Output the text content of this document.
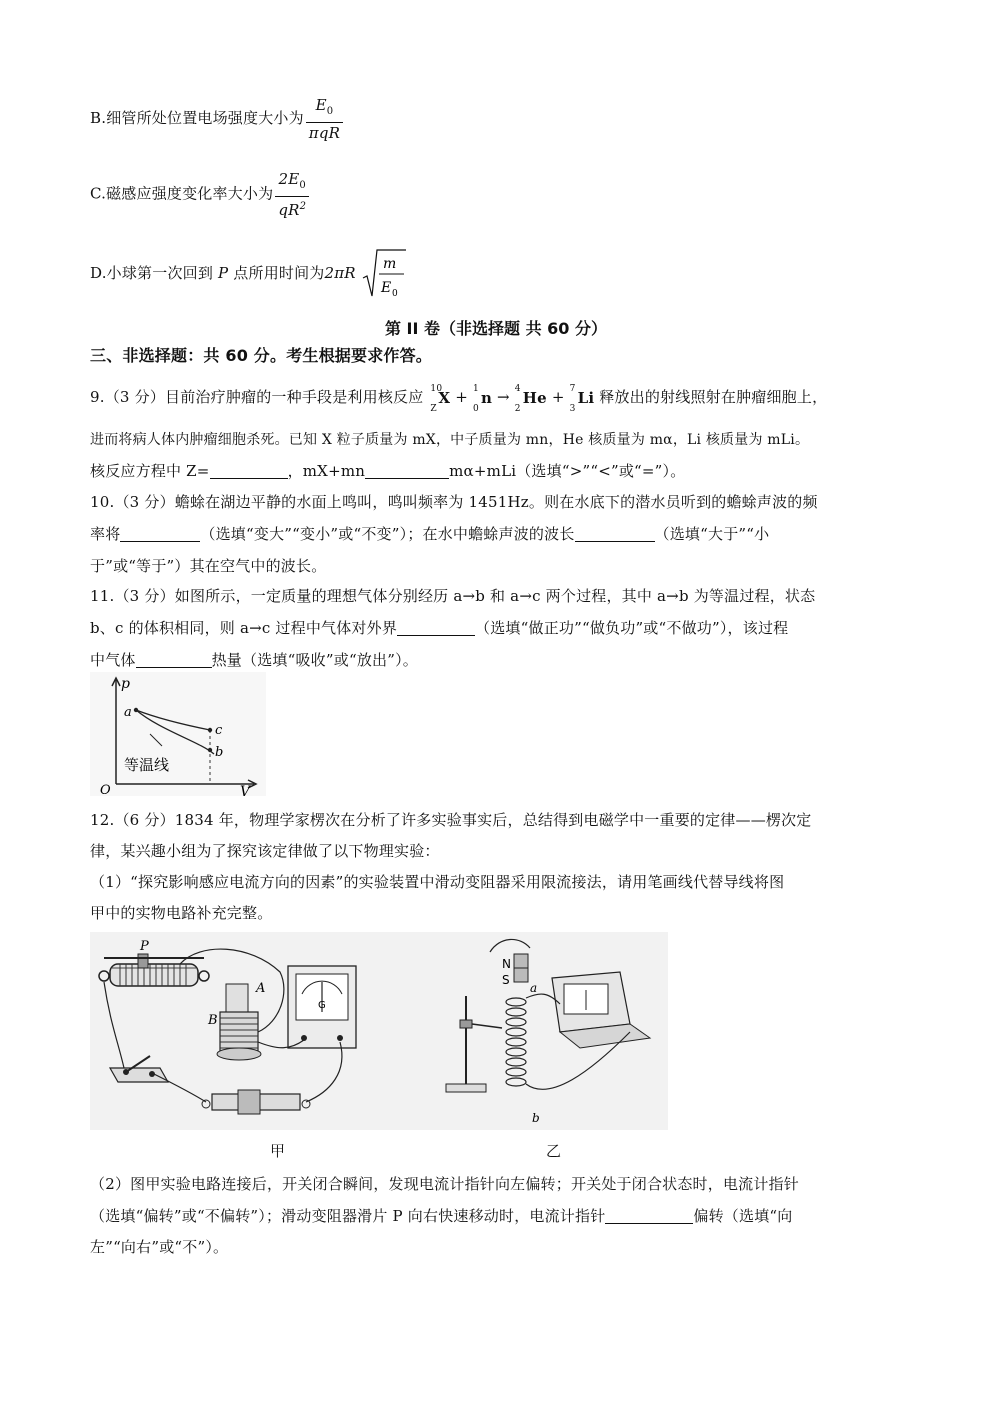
B.细管所处位置电场强度大小为 $\frac{E_0}{\text{πqR}}$
C.磁感应强度变化率大小为 $\frac{2E_0}{qR^2}$
D.小球第一次回到 P 点所用时间为2πR m
E 0
第 II 卷（非选择题 共 60 分）
三、非选择题：共 60 分。考生根据要求作答。
9.（3 分）目前治疗肿瘤的一种手段是利用核反应 10
Z
X + 1
0
n → 4
2
He + 7
3
Li 释放出的射线照射在肿瘤细胞上，
进而将病人体内肿瘤细胞杀死。已知 X 粒子质量为 mX，中子质量为 mn，He 核质量为 mα，Li 核质量为 mLi。
核反应方程中 Z=	，mX+mn	mα+mLi（选填“>”“<”或“=”）。
10.（3 分）蟾蜍在湖边平静的水面上鸣叫，鸣叫频率为 1451Hz。则在水底下的潜水员听到的蟾蜍声波的频
率将	（选填“变大”“变小”或“不变”）；在水中蟾蜍声波的波长	（选填“大于”“小
于”或“等于”）其在空气中的波长。
11.（3 分）如图所示，一定质量的理想气体分别经历 a→b 和 a→c 两个过程，其中 a→b 为等温过程，状态
b、c 的体积相同，则 a→c 过程中气体对外界	（选填“做正功”“做负功”或“不做功”），该过程
中气体	热量（选填“吸收”或“放出”）。
p
V
O
a
c
b
等温线
12.（6 分）1834 年，物理学家楞次在分析了许多实验事实后，总结得到电磁学中一重要的定律——楞次定
律，某兴趣小组为了探究该定律做了以下物理实验：
（1）“探究影响感应电流方向的因素”的实验装置中滑动变阻器采用限流接法，请用笔画线代替导线将图
甲中的实物电路补充完整。
P
A
B
G
N
S
a
b
甲	乙
（2）图甲实验电路连接后，开关闭合瞬间，发现电流计指针向左偏转；开关处于闭合状态时，电流计指针
（选填“偏转”或“不偏转”）；滑动变阻器滑片 P 向右快速移动时，电流计指针	偏转（选填“向
左”“向右”或“不”）。
